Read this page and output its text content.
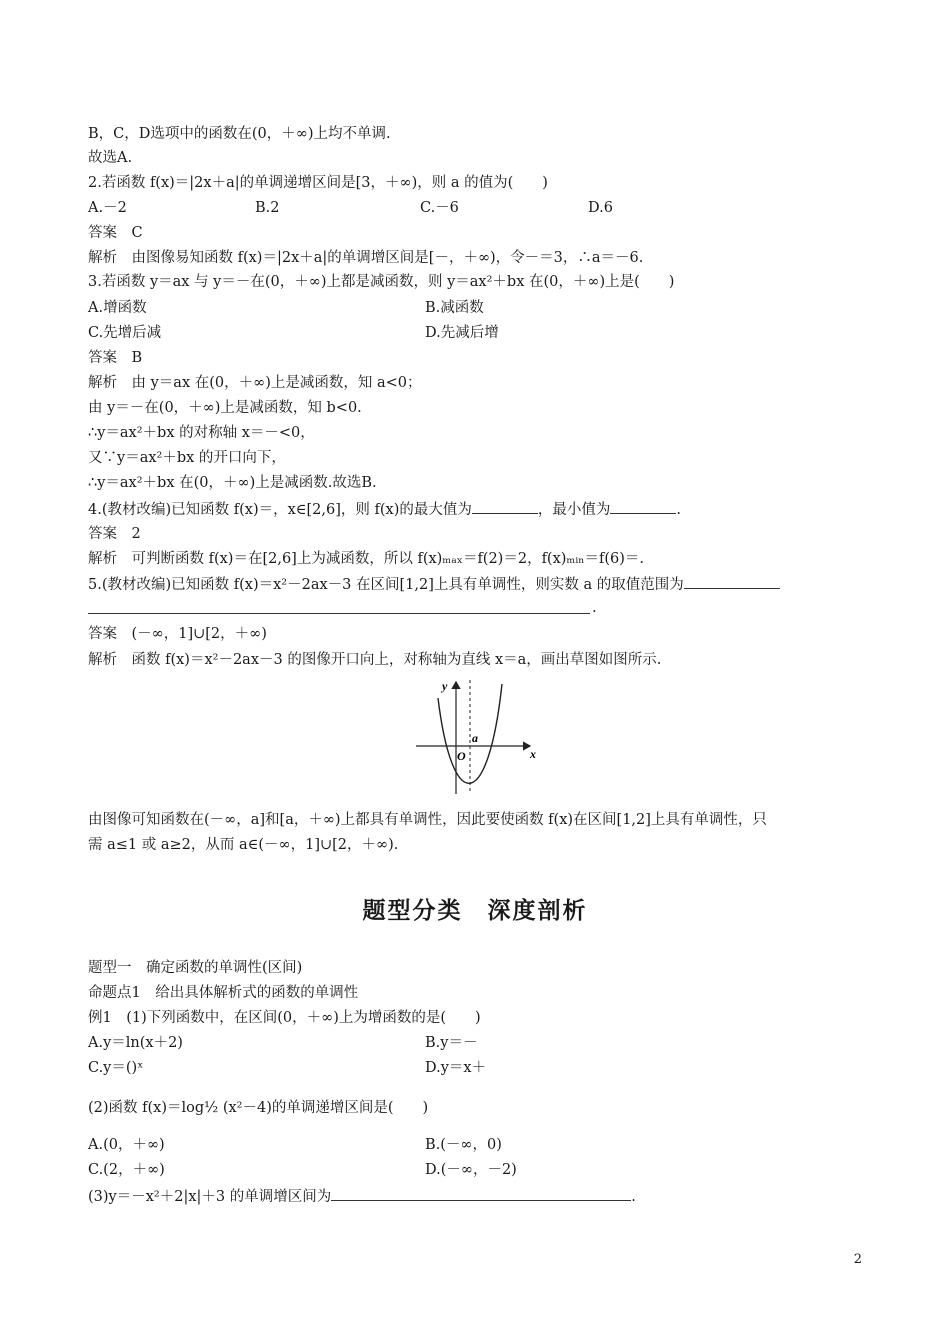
B，C，D选项中的函数在(0，＋∞)上均不单调.
故选A.
2.若函数 f(x)＝|2x＋a|的单调递增区间是[3，＋∞)，则 a 的值为(　　)
A.－2	B.2	C.－6	D.6
答案　C
解析　由图像易知函数 f(x)＝|2x＋a|的单调增区间是[－，＋∞)，令－＝3，∴a＝－6.
3.若函数 y＝ax 与 y＝－在(0，＋∞)上都是减函数，则 y＝ax²＋bx 在(0，＋∞)上是(　　)
A.增函数	B.减函数
C.先增后减	D.先减后增
答案　B
解析　由 y＝ax 在(0，＋∞)上是减函数，知 a<0；
由 y＝－在(0，＋∞)上是减函数，知 b<0.
∴y＝ax²＋bx 的对称轴 x＝－<0，
又∵y＝ax²＋bx 的开口向下，
∴y＝ax²＋bx 在(0，＋∞)上是减函数.故选B.
4.(教材改编)已知函数 f(x)＝，x∈[2,6]，则 f(x)的最大值为	，最小值为	.
答案　2
解析　可判断函数 f(x)＝在[2,6]上为减函数，所以 f(x)ₘₐₓ＝f(2)＝2，f(x)ₘᵢₙ＝f(6)＝.
5.(教材改编)已知函数 f(x)＝x²－2ax－3 在区间[1,2]上具有单调性，则实数 a 的取值范围为
.
答案　(－∞，1]∪[2，＋∞)
解析　函数 f(x)＝x²－2ax－3 的图像开口向上，对称轴为直线 x＝a，画出草图如图所示.
y
x
O
a
由图像可知函数在(－∞，a]和[a，＋∞)上都具有单调性，因此要使函数 f(x)在区间[1,2]上具有单调性，只
需 a≤1 或 a≥2，从而 a∈(－∞，1]∪[2，＋∞).
题型分类　深度剖析
题型一　确定函数的单调性(区间)
命题点1　给出具体解析式的函数的单调性
例1　(1)下列函数中，在区间(0，＋∞)上为增函数的是(　　)
A.y＝ln(x＋2)	B.y＝－
C.y＝()ˣ	D.y＝x＋
(2)函数 f(x)＝log½ (x²－4)的单调递增区间是(　　)
A.(0，＋∞)	B.(－∞，0)
C.(2，＋∞)	D.(－∞，－2)
(3)y＝－x²＋2|x|＋3 的单调增区间为	.
2
